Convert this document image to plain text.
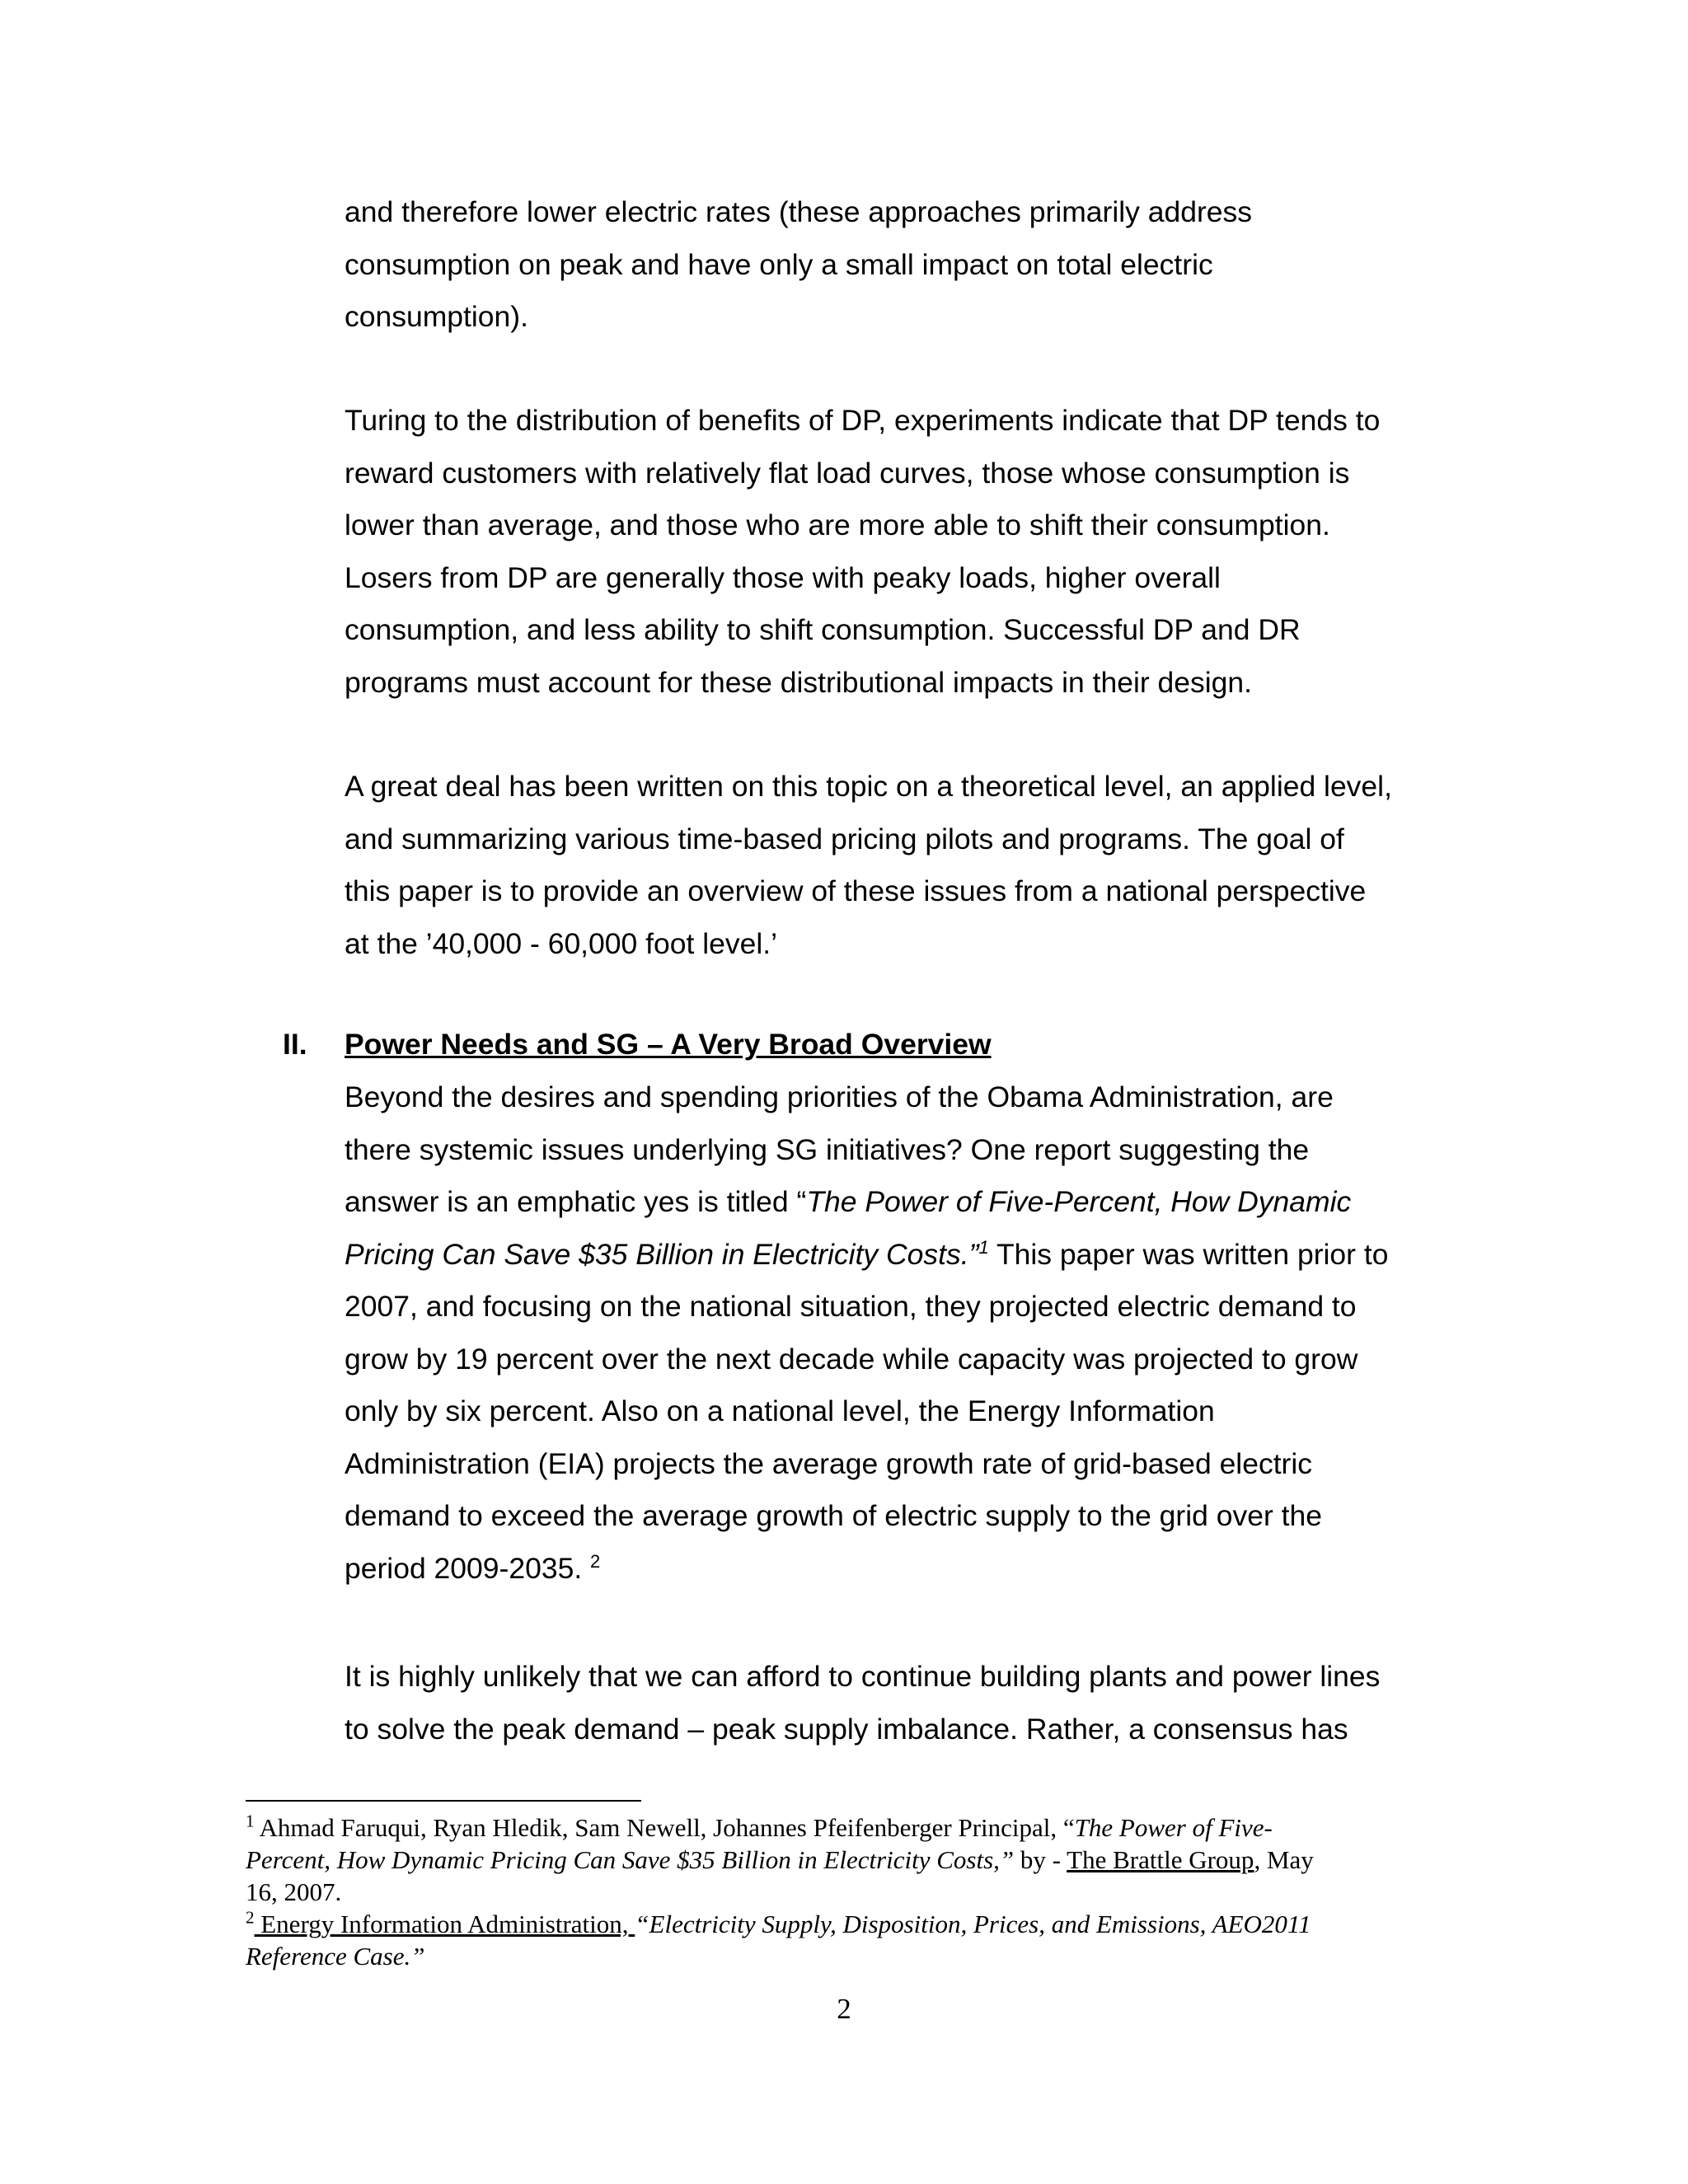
and therefore lower electric rates (these approaches primarily address
consumption on peak and have only a small impact on total electric
consumption).
Turing to the distribution of benefits of DP, experiments indicate that DP tends to
reward customers with relatively flat load curves, those whose consumption is
lower than average, and those who are more able to shift their consumption.
Losers from DP are generally those with peaky loads, higher overall
consumption, and less ability to shift consumption. Successful DP and DR
programs must account for these distributional impacts in their design.
A great deal has been written on this topic on a theoretical level, an applied level,
and summarizing various time-based pricing pilots and programs. The goal of
this paper is to provide an overview of these issues from a national perspective
at the ’40,000 - 60,000 foot level.’
II. Power Needs and SG – A Very Broad Overview
Beyond the desires and spending priorities of the Obama Administration, are
there systemic issues underlying SG initiatives? One report suggesting the
answer is an emphatic yes is titled “The Power of Five-Percent, How Dynamic
Pricing Can Save $35 Billion in Electricity Costs.”$^1$ This paper was written prior to
2007, and focusing on the national situation, they projected electric demand to
grow by 19 percent over the next decade while capacity was projected to grow
only by six percent. Also on a national level, the Energy Information
Administration (EIA) projects the average growth rate of grid-based electric
demand to exceed the average growth of electric supply to the grid over the
period 2009-2035. $^2$
It is highly unlikely that we can afford to continue building plants and power lines
to solve the peak demand – peak supply imbalance. Rather, a consensus has
$^1$ Ahmad Faruqui, Ryan Hledik, Sam Newell, Johannes Pfeifenberger Principal, “The Power of Five-
Percent, How Dynamic Pricing Can Save $35 Billion in Electricity Costs,” by - The Brattle Group, May
16, 2007.
$^2$ Energy Information Administration, “Electricity Supply, Disposition, Prices, and Emissions, AEO2011
Reference Case.”
2
